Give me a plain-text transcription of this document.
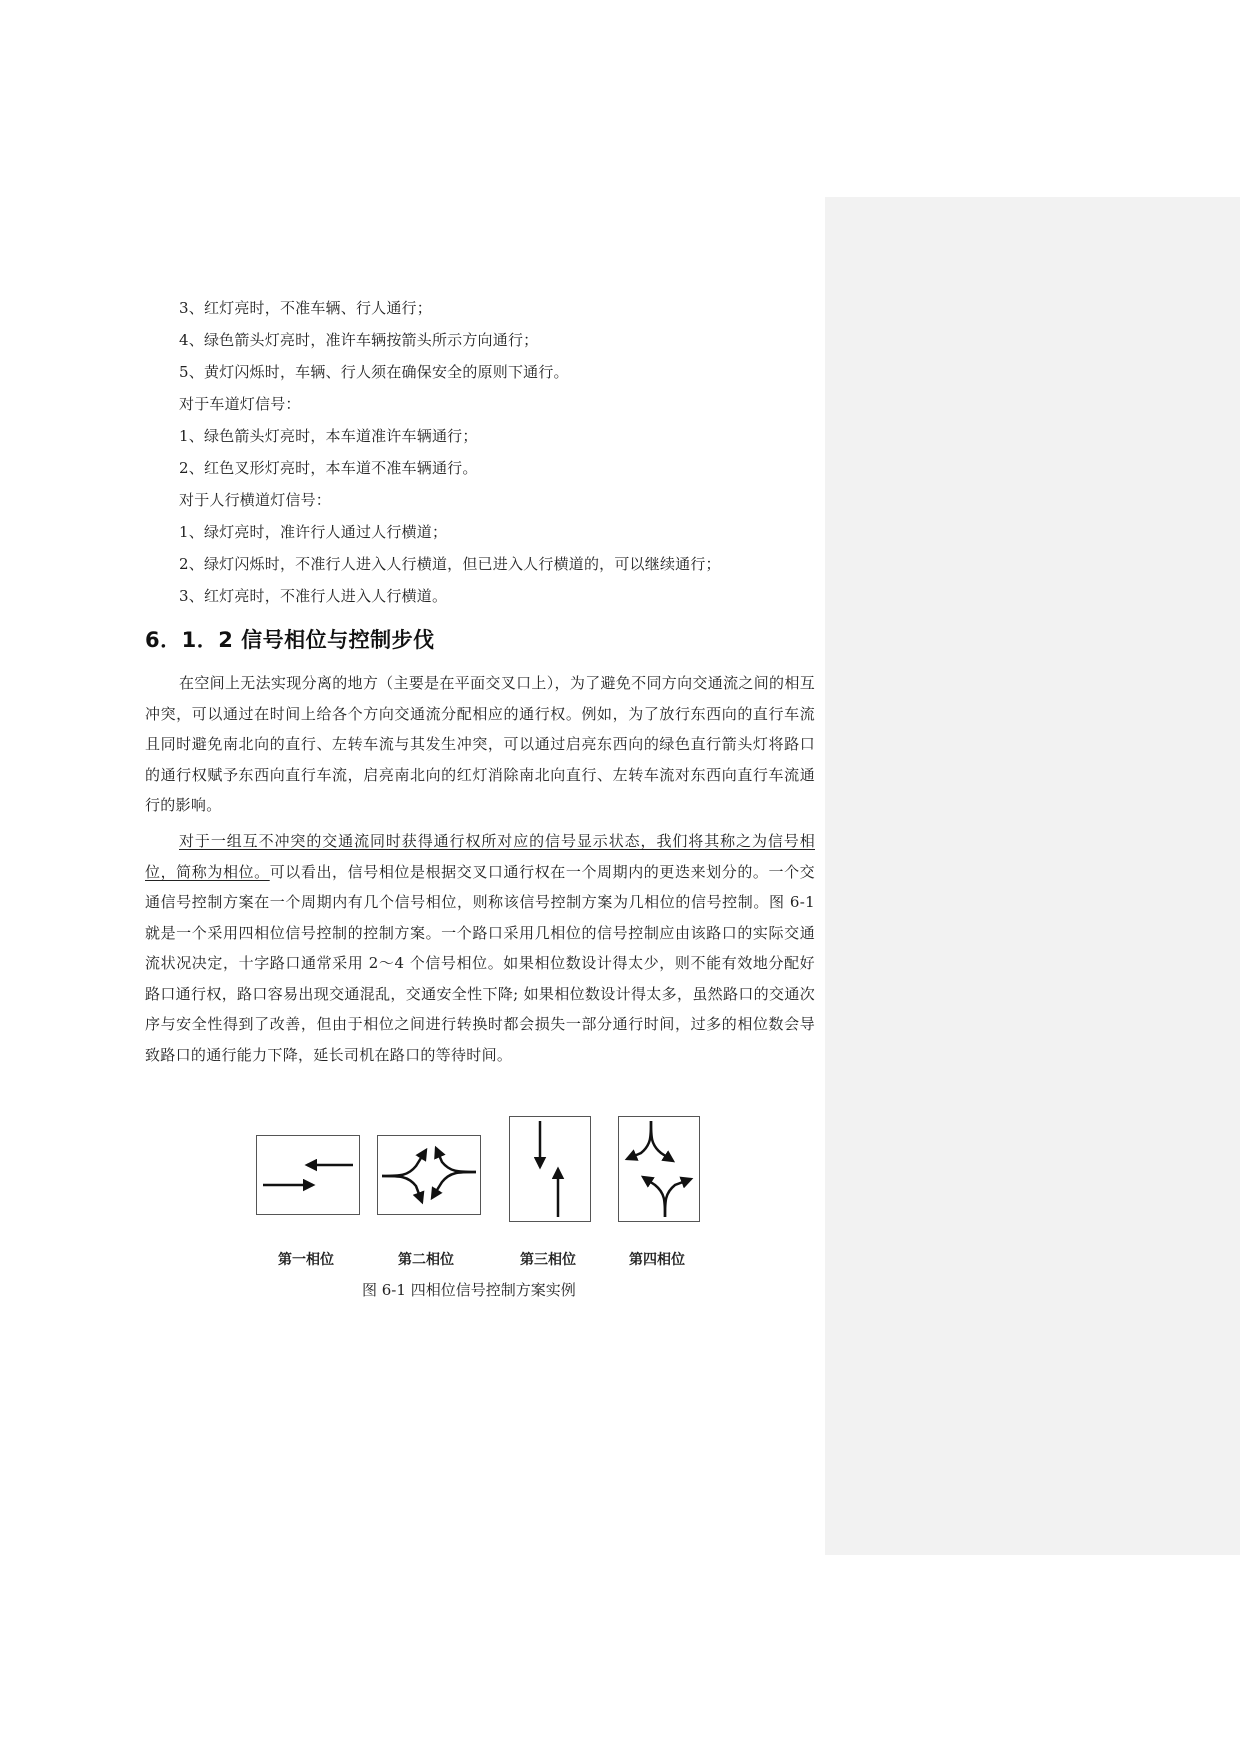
3、红灯亮时，不准车辆、行人通行；
4、绿色箭头灯亮时，准许车辆按箭头所示方向通行；
5、黄灯闪烁时，车辆、行人须在确保安全的原则下通行。
对于车道灯信号：
1、绿色箭头灯亮时，本车道准许车辆通行；
2、红色叉形灯亮时，本车道不准车辆通行。
对于人行横道灯信号：
1、绿灯亮时，准许行人通过人行横道；
2、绿灯闪烁时，不准行人进入人行横道，但已进入人行横道的，可以继续通行；
3、红灯亮时，不准行人进入人行横道。
6．1．2 信号相位与控制步伐

在空间上无法实现分离的地方（主要是在平面交叉口上），为了避免不同方向交通流之间的相互冲突，可以通过在时间上给各个方向交通流分配相应的通行权。例如，为了放行东西向的直行车流且同时避免南北向的直行、左转车流与其发生冲突，可以通过启亮东西向的绿色直行箭头灯将路口的通行权赋予东西向直行车流，启亮南北向的红灯消除南北向直行、左转车流对东西向直行车流通行的影响。

对于一组互不冲突的交通流同时获得通行权所对应的信号显示状态，我们将其称之为信号相位，简称为相位。可以看出，信号相位是根据交叉口通行权在一个周期内的更迭来划分的。一个交通信号控制方案在一个周期内有几个信号相位，则称该信号控制方案为几相位的信号控制。图 6-1 就是一个采用四相位信号控制的控制方案。一个路口采用几相位的信号控制应由该路口的实际交通流状况决定，十字路口通常采用 2～4 个信号相位。如果相位数设计得太少，则不能有效地分配好路口通行权，路口容易出现交通混乱，交通安全性下降; 如果相位数设计得太多，虽然路口的交通次序与安全性得到了改善，但由于相位之间进行转换时都会损失一部分通行时间，过多的相位数会导致路口的通行能力下降，延长司机在路口的等待时间。

第一相位	第二相位	第三相位	第四相位
图 6-1 四相位信号控制方案实例
